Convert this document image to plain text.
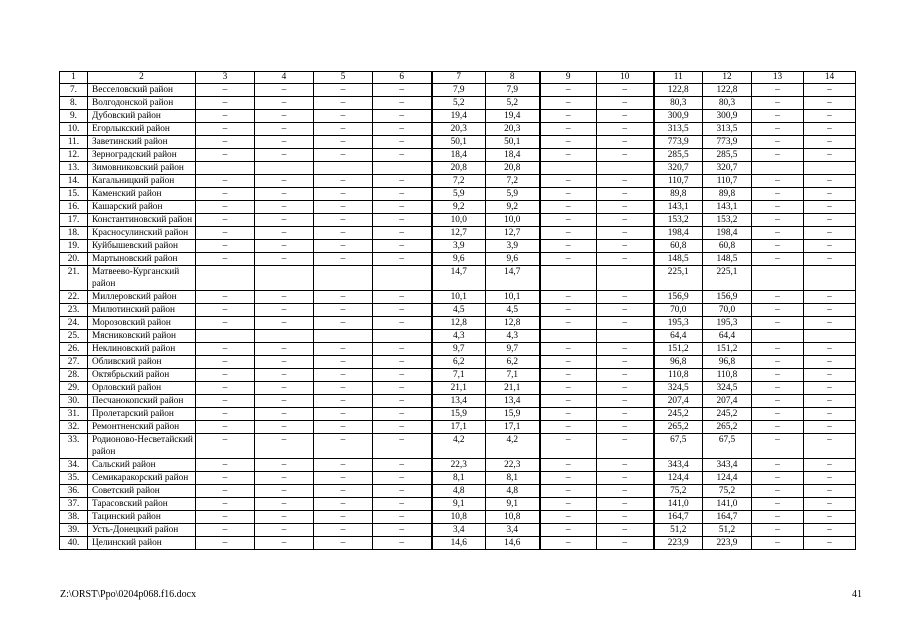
1	2	3	4	5	6	7	8	9	10	11	12	13	14
7.	Весселовский район	–	–	–	–	7,9	7,9	–	–	122,8	122,8	–	–
8.	Волгодонской район	–	–	–	–	5,2	5,2	–	–	80,3	80,3	–	–
9.	Дубовский район	–	–	–	–	19,4	19,4	–	–	300,9	300,9	–	–
10.	Егорлыкский район	–	–	–	–	20,3	20,3	–	–	313,5	313,5	–	–
11.	Заветинский район	–	–	–	–	50,1	50,1	–	–	773,9	773,9	–	–
12.	Зерноградский район	–	–	–	–	18,4	18,4	–	–	285,5	285,5	–	–
13.	Зимовниковский район					20,8	20,8			320,7	320,7		
14.	Кагальницкий район	–	–	–	–	7,2	7,2	–	–	110,7	110,7	–	–
15.	Каменский район	–	–	–	–	5,9	5,9	–	–	89,8	89,8	–	–
16.	Кашарский район	–	–	–	–	9,2	9,2	–	–	143,1	143,1	–	–
17.	Константиновский район	–	–	–	–	10,0	10,0	–	–	153,2	153,2	–	–
18.	Красносулинский район	–	–	–	–	12,7	12,7	–	–	198,4	198,4	–	–
19.	Куйбышевский район	–	–	–	–	3,9	3,9	–	–	60,8	60,8	–	–
20.	Мартыновский район	–	–	–	–	9,6	9,6	–	–	148,5	148,5	–	–
21.	Матвеево-Курганский район					14,7	14,7			225,1	225,1		
22.	Миллеровский район	–	–	–	–	10,1	10,1	–	–	156,9	156,9	–	–
23.	Милютинский район	–	–	–	–	4,5	4,5	–	–	70,0	70,0	–	–
24.	Морозовский район	–	–	–	–	12,8	12,8	–	–	195,3	195,3	–	–
25.	Мясниковский район					4,3	4,3			64,4	64,4		
26.	Неклиновский район	–	–	–	–	9,7	9,7	–	–	151,2	151,2	–	–
27.	Обливский район	–	–	–	–	6,2	6,2	–	–	96,8	96,8	–	–
28.	Октябрьский район	–	–	–	–	7,1	7,1	–	–	110,8	110,8	–	–
29.	Орловский район	–	–	–	–	21,1	21,1	–	–	324,5	324,5	–	–
30.	Песчанокопский район	–	–	–	–	13,4	13,4	–	–	207,4	207,4	–	–
31.	Пролетарский район	–	–	–	–	15,9	15,9	–	–	245,2	245,2	–	–
32.	Ремонтненский район	–	–	–	–	17,1	17,1	–	–	265,2	265,2	–	–
33.	Родионово-Несветайский район	–	–	–	–	4,2	4,2	–	–	67,5	67,5	–	–
34.	Сальский район	–	–	–	–	22,3	22,3	–	–	343,4	343,4	–	–
35.	Семикаракорский район	–	–	–	–	8,1	8,1	–	–	124,4	124,4	–	–
36.	Советский район	–	–	–	–	4,8	4,8	–	–	75,2	75,2	–	–
37.	Тарасовский район	–	–	–	–	9,1	9,1	–	–	141,0	141,0	–	–
38.	Тацинский район	–	–	–	–	10,8	10,8	–	–	164,7	164,7	–	–
39.	Усть-Донецкий район	–	–	–	–	3,4	3,4	–	–	51,2	51,2	–	–
40.	Целинский район	–	–	–	–	14,6	14,6	–	–	223,9	223,9	–	–
Z:\ORST\Ppo\0204p068.f16.docx	41
